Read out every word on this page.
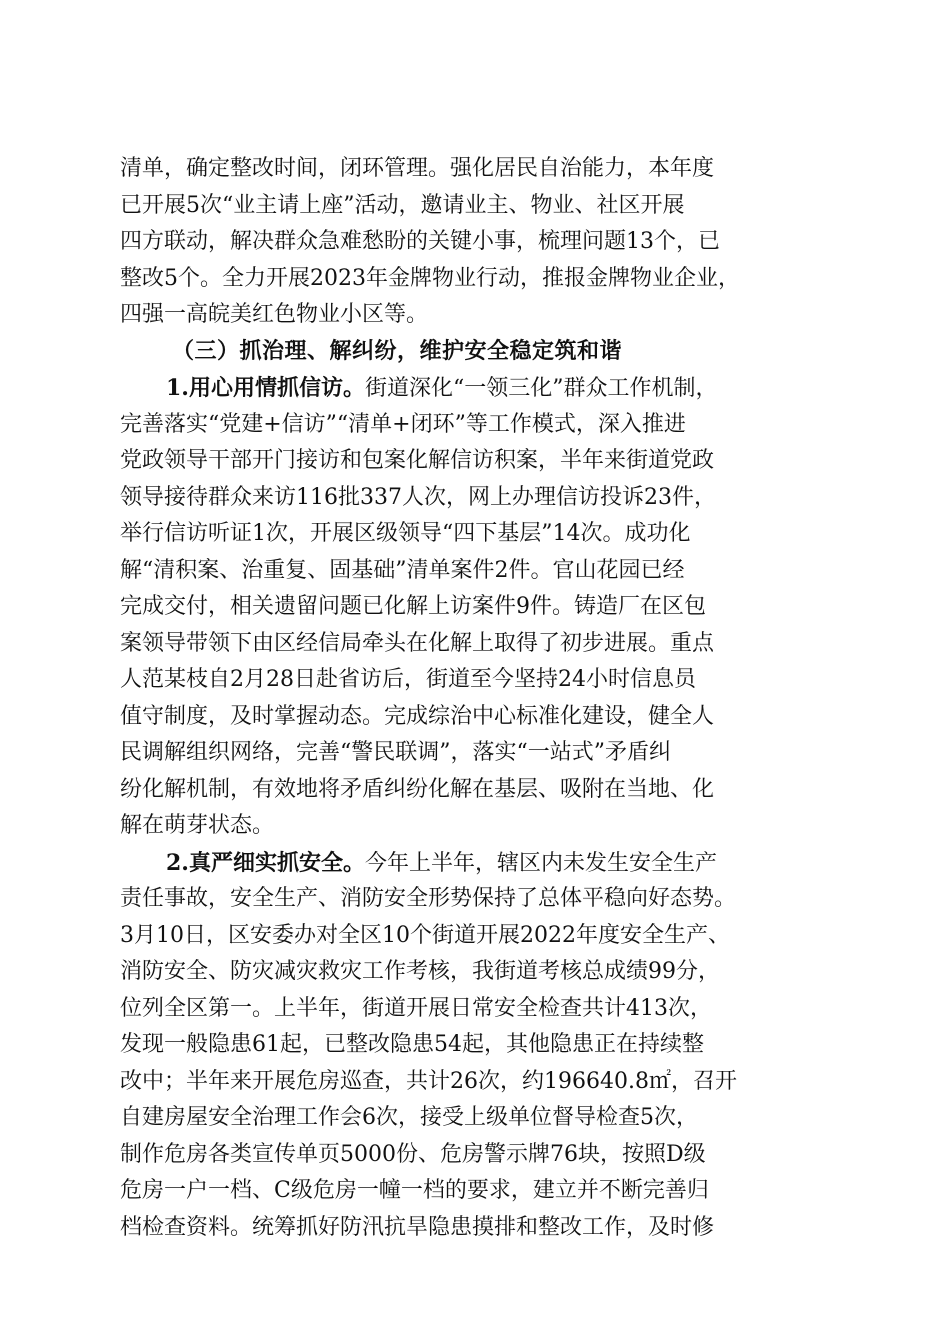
清单，确定整改时间，闭环管理。强化居民自治能力，本年度
已开展5次“业主请上座”活动，邀请业主、物业、社区开展
四方联动，解决群众急难愁盼的关键小事，梳理问题13个，已
整改5个。全力开展2023年金牌物业行动，推报金牌物业企业，
四强一高皖美红色物业小区等。
（三）抓治理、解纠纷，维护安全稳定筑和谐
1.用心用情抓信访。街道深化“一领三化”群众工作机制，
完善落实“党建+信访”“清单+闭环”等工作模式，深入推进
党政领导干部开门接访和包案化解信访积案，半年来街道党政
领导接待群众来访116批337人次，网上办理信访投诉23件，
举行信访听证1次，开展区级领导“四下基层”14次。成功化
解“清积案、治重复、固基础”清单案件2件。官山花园已经
完成交付，相关遗留问题已化解上访案件9件。铸造厂在区包
案领导带领下由区经信局牵头在化解上取得了初步进展。重点
人范某枝自2月28日赴省访后，街道至今坚持24小时信息员
值守制度，及时掌握动态。完成综治中心标准化建设，健全人
民调解组织网络，完善“警民联调”，落实“一站式”矛盾纠
纷化解机制，有效地将矛盾纠纷化解在基层、吸附在当地、化
解在萌芽状态。
2.真严细实抓安全。今年上半年，辖区内未发生安全生产
责任事故，安全生产、消防安全形势保持了总体平稳向好态势。
3月10日，区安委办对全区10个街道开展2022年度安全生产、
消防安全、防灾减灾救灾工作考核，我街道考核总成绩99分，
位列全区第一。上半年，街道开展日常安全检查共计413次，
发现一般隐患61起，已整改隐患54起，其他隐患正在持续整
改中；半年来开展危房巡查，共计26次，约196640.8㎡，召开
自建房屋安全治理工作会6次，接受上级单位督导检查5次，
制作危房各类宣传单页5000份、危房警示牌76块，按照D级
危房一户一档、C级危房一幢一档的要求，建立并不断完善归
档检查资料。统筹抓好防汛抗旱隐患摸排和整改工作，及时修
